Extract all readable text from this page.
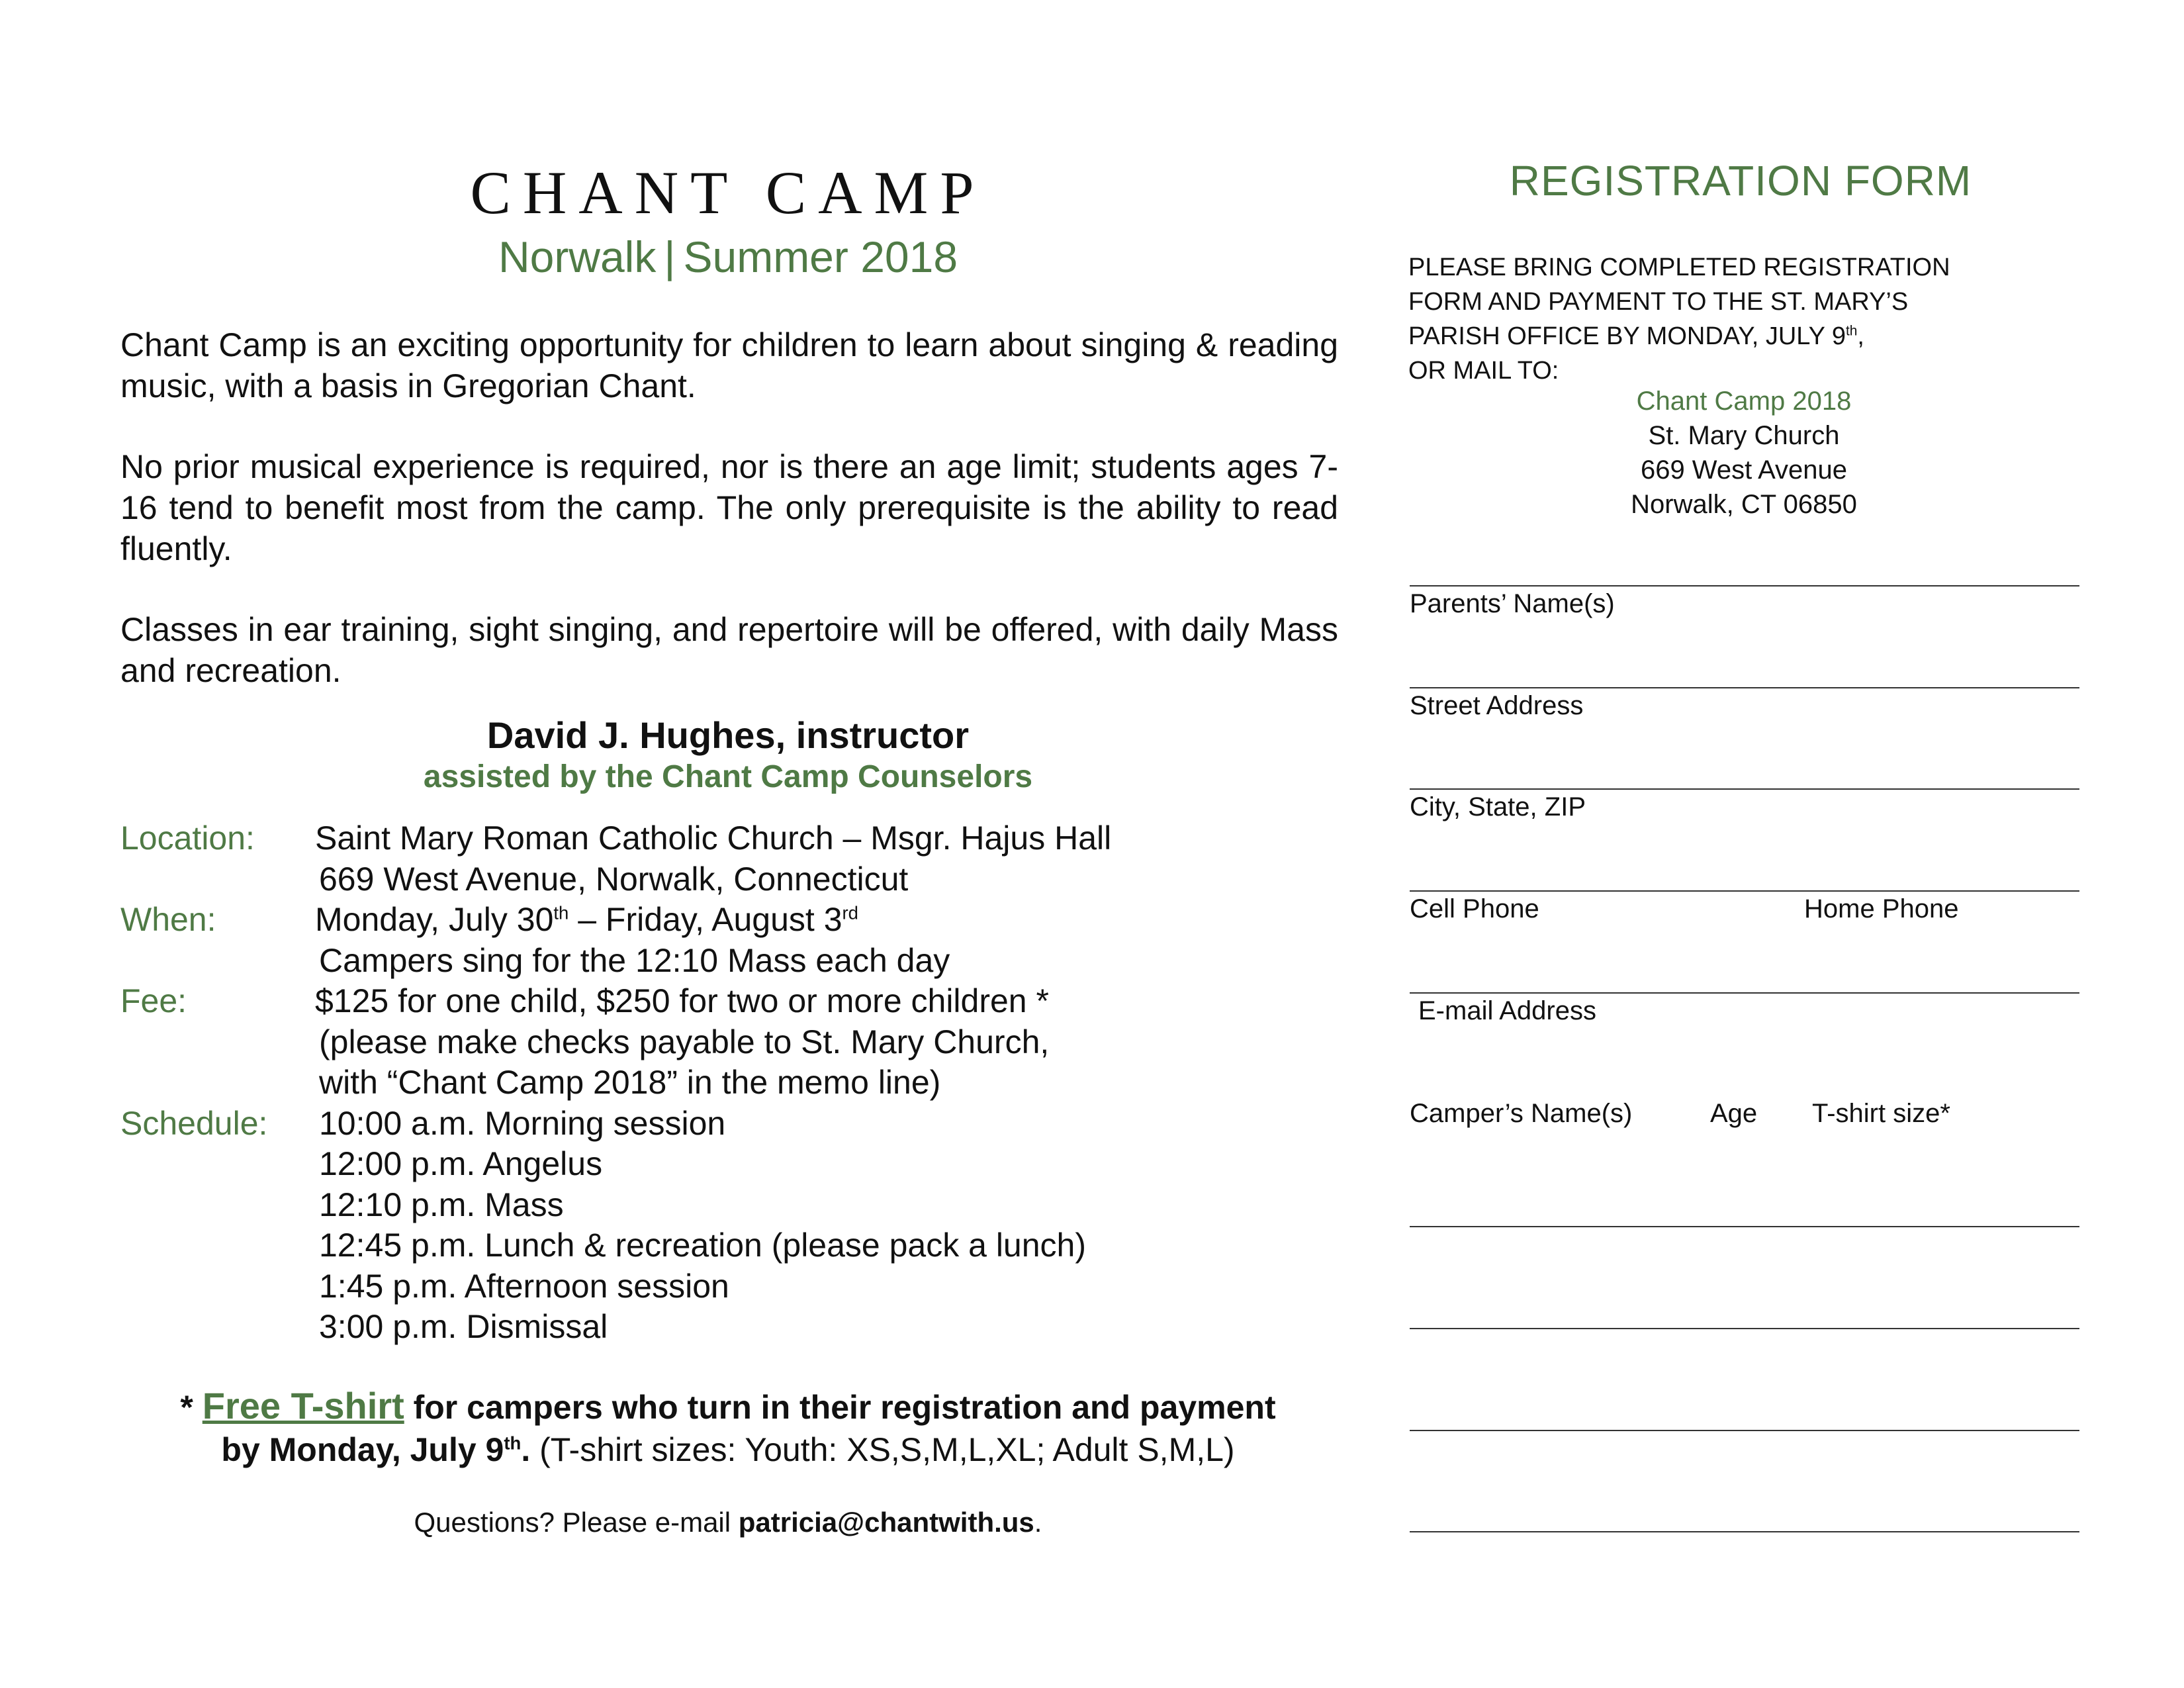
CHANT CAMP
Norwalk | Summer 2018

Chant Camp is an exciting opportunity for children to learn about singing & reading music, with a basis in Gregorian Chant.

No prior musical experience is required, nor is there an age limit; students ages 7-16 tend to benefit most from the camp. The only prerequisite is the ability to read fluently.

Classes in ear training, sight singing, and repertoire will be offered, with daily Mass and recreation.

David J. Hughes, instructor
assisted by the Chant Camp Counselors
Location: Saint Mary Roman Catholic Church – Msgr. Hajus Hall
669 West Avenue, Norwalk, Connecticut
When:	Monday, July 30th – Friday, August 3rd
Campers sing for the 12:10 Mass each day
Fee:	$125 for one child, $250 for two or more children *
(please make checks payable to St. Mary Church,
with “Chant Camp 2018” in the memo line)
Schedule: 10:00 a.m. Morning session
12:00 p.m. Angelus
12:10 p.m. Mass
12:45 p.m. Lunch & recreation (please pack a lunch)
1:45 p.m. Afternoon session
3:00 p.m. Dismissal
* Free T-shirt for campers who turn in their registration and payment
by Monday, July 9th. (T-shirt sizes: Youth: XS,S,M,L,XL; Adult S,M,L)
Questions? Please e-mail patricia@chantwith.us.
REGISTRATION FORM
PLEASE BRING COMPLETED REGISTRATION
FORM AND PAYMENT TO THE ST. MARY’S
PARISH OFFICE BY MONDAY, JULY 9th,
OR MAIL TO:
Chant Camp 2018
St. Mary Church
669 West Avenue
Norwalk, CT 06850
Parents’ Name(s)
Street Address
City, State, ZIP
Cell Phone	Home Phone
E-mail Address
Camper’s Name(s)	Age T-shirt size*
